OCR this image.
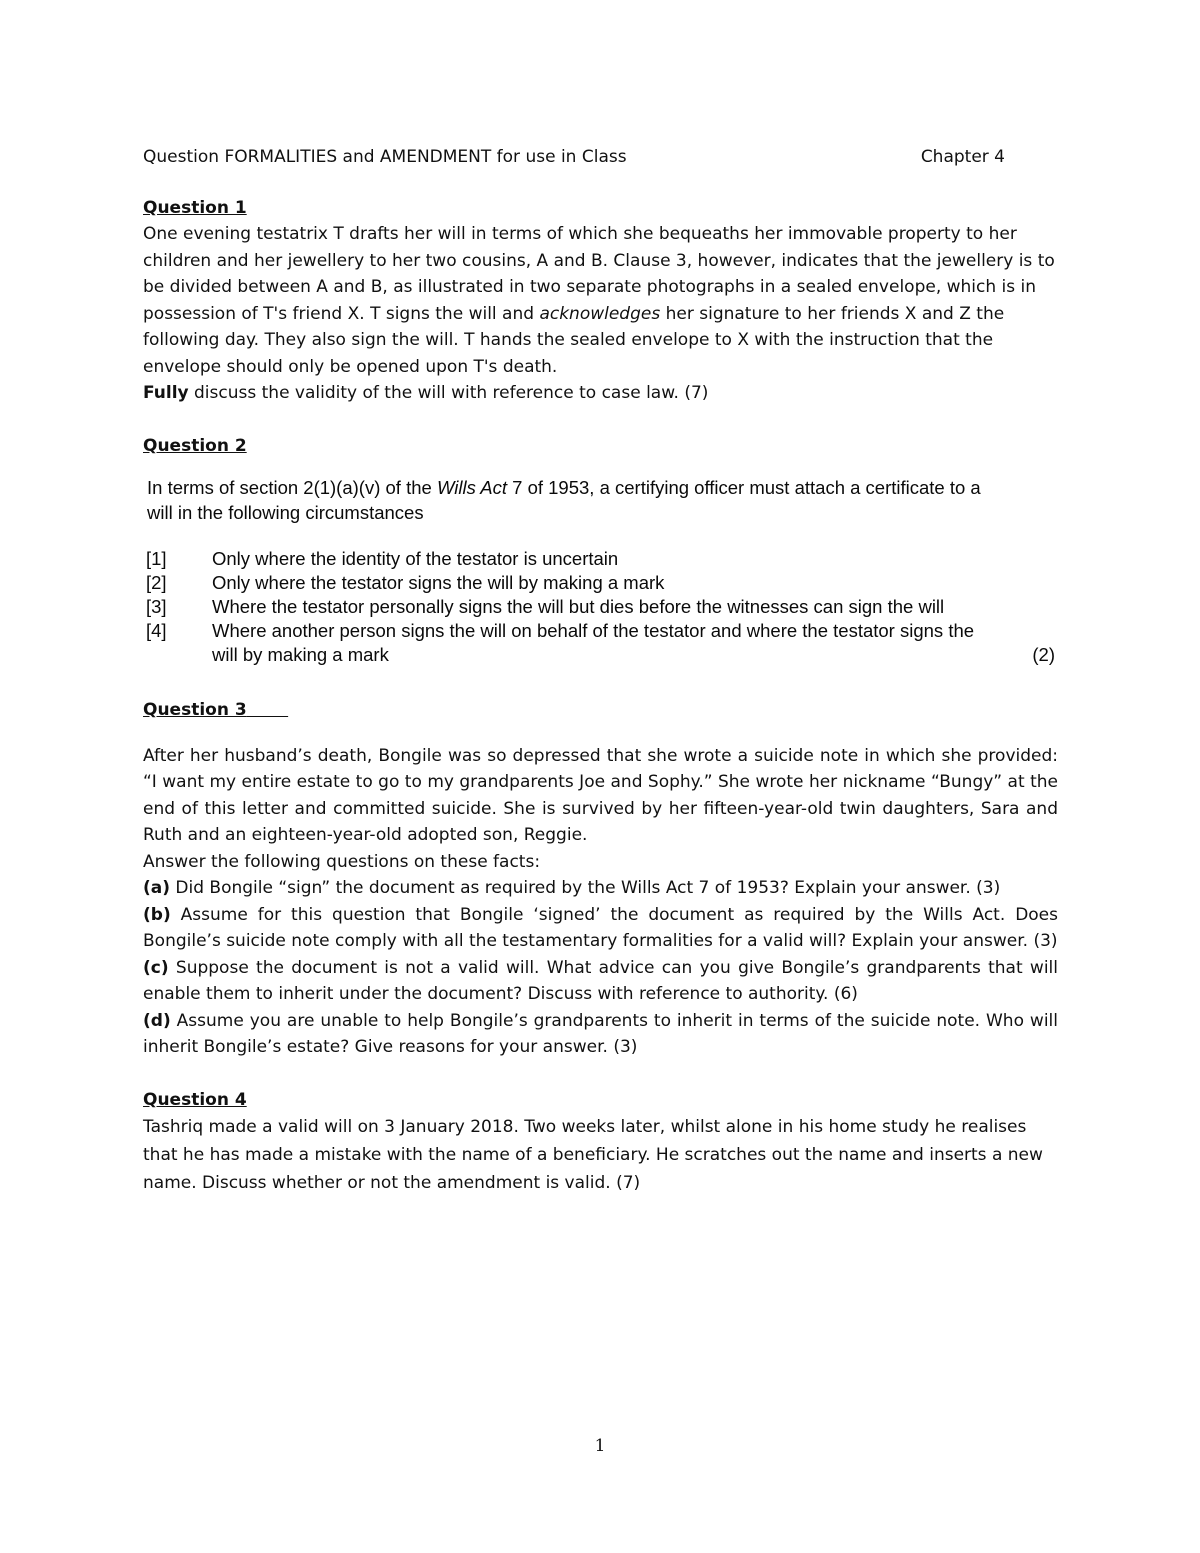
Question FORMALITIES and AMENDMENT for use in Class	Chapter 4
Question 1

One evening testatrix T drafts her will in terms of which she bequeaths her immovable property to her children and her jewellery to her two cousins, A and B. Clause 3, however, indicates that the jewellery is to be divided between A and B, as illustrated in two separate photographs in a sealed envelope, which is in possession of T's friend X. T signs the will and acknowledges her signature to her friends X and Z the following day. They also sign the will. T hands the sealed envelope to X with the instruction that the envelope should only be opened upon T's death.

Fully discuss the validity of the will with reference to case law. (7)

Question 2
In terms of section 2(1)(a)(v) of the Wills Act 7 of 1953, a certifying officer must attach a certificate to a will in the following circumstances
[1]	Only where the identity of the testator is uncertain
[2]	Only where the testator signs the will by making a mark
[3]	Where the testator personally signs the will but dies before the witnesses can sign the will
[4]	Where another person signs the will on behalf of the testator and where the testator signs the will by making a mark	(2)
Question 3

After her husband’s death, Bongile was so depressed that she wrote a suicide note in which she provided: “I want my entire estate to go to my grandparents Joe and Sophy.” She wrote her nickname “Bungy” at the end of this letter and committed suicide. She is survived by her fifteen-year-old twin daughters, Sara and Ruth and an eighteen-year-old adopted son, Reggie.

Answer the following questions on these facts:

(a) Did Bongile “sign” the document as required by the Wills Act 7 of 1953? Explain your answer. (3)

(b) Assume for this question that Bongile ‘signed’ the document as required by the Wills Act. Does Bongile’s suicide note comply with all the testamentary formalities for a valid will? Explain your answer. (3)

(c) Suppose the document is not a valid will. What advice can you give Bongile’s grandparents that will enable them to inherit under the document? Discuss with reference to authority. (6)

(d) Assume you are unable to help Bongile’s grandparents to inherit in terms of the suicide note. Who will inherit Bongile’s estate? Give reasons for your answer. (3)

Question 4

Tashriq made a valid will on 3 January 2018. Two weeks later, whilst alone in his home study he realises that he has made a mistake with the name of a beneficiary. He scratches out the name and inserts a new name. Discuss whether or not the amendment is valid. (7)

1
